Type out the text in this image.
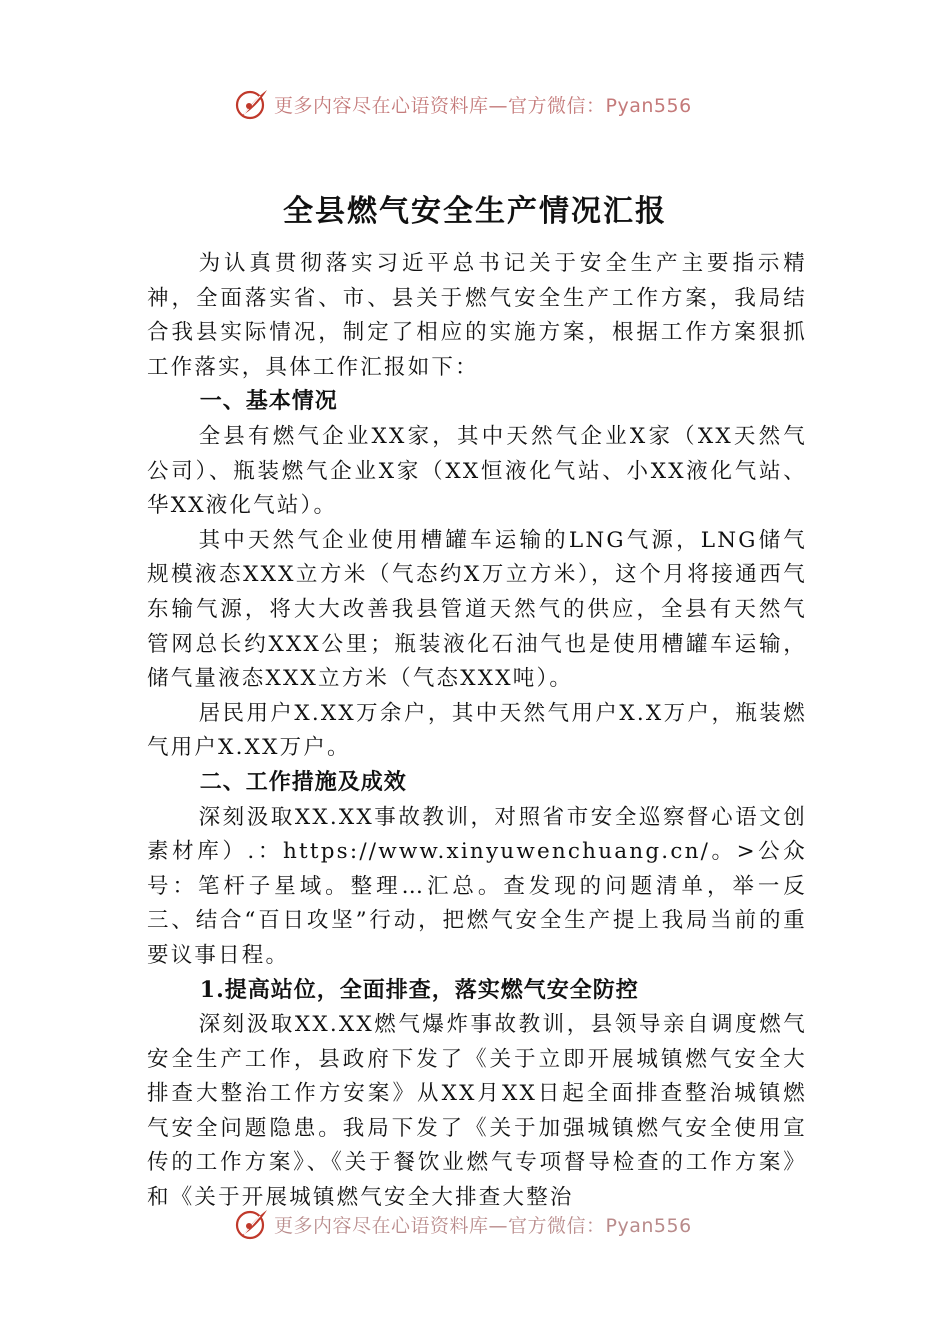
更多内容尽在心语资料库—官方微信：Pyan556
全县燃气安全生产情况汇报

为认真贯彻落实习近平总书记关于安全生产主要指示精神，全面落实省、市、县关于燃气安全生产工作方案，我局结合我县实际情况，制定了相应的实施方案，根据工作方案狠抓工作落实，具体工作汇报如下：

一、基本情况

全县有燃气企业XX家，其中天然气企业X家（XX天然气公司）、瓶装燃气企业X家（XX恒液化气站、小XX液化气站、华XX液化气站）。

其中天然气企业使用槽罐车运输的LNG气源，LNG储气规模液态XXX立方米（气态约X万立方米），这个月将接通西气东输气源，将大大改善我县管道天然气的供应，全县有天然气管网总长约XXX公里；瓶装液化石油气也是使用槽罐车运输，储气量液态XXX立方米（气态XXX吨）。

居民用户X.XX万余户，其中天然气用户X.X万户，瓶装燃气用户X.XX万户。

二、工作措施及成效

深刻汲取XX.XX事故教训，对照省市安全巡察督心语文创素材库）.：https://www.xinyuwenchuang.cn/。>公众号：笔杆子星域。整理…汇总。查发现的问题清单，举一反三、结合“百日攻坚”行动，把燃气安全生产提上我局当前的重要议事日程。

1.提高站位，全面排查，落实燃气安全防控

深刻汲取XX.XX燃气爆炸事故教训，县领导亲自调度燃气安全生产工作，县政府下发了《关于立即开展城镇燃气安全大排查大整治工作方安案》从XX月XX日起全面排查整治城镇燃气安全问题隐患。我局下发了《关于加强城镇燃气安全使用宣传的工作方案》、《关于餐饮业燃气专项督导检查的工作方案》和《关于开展城镇燃气安全大排查大整治

更多内容尽在心语资料库—官方微信：Pyan556
